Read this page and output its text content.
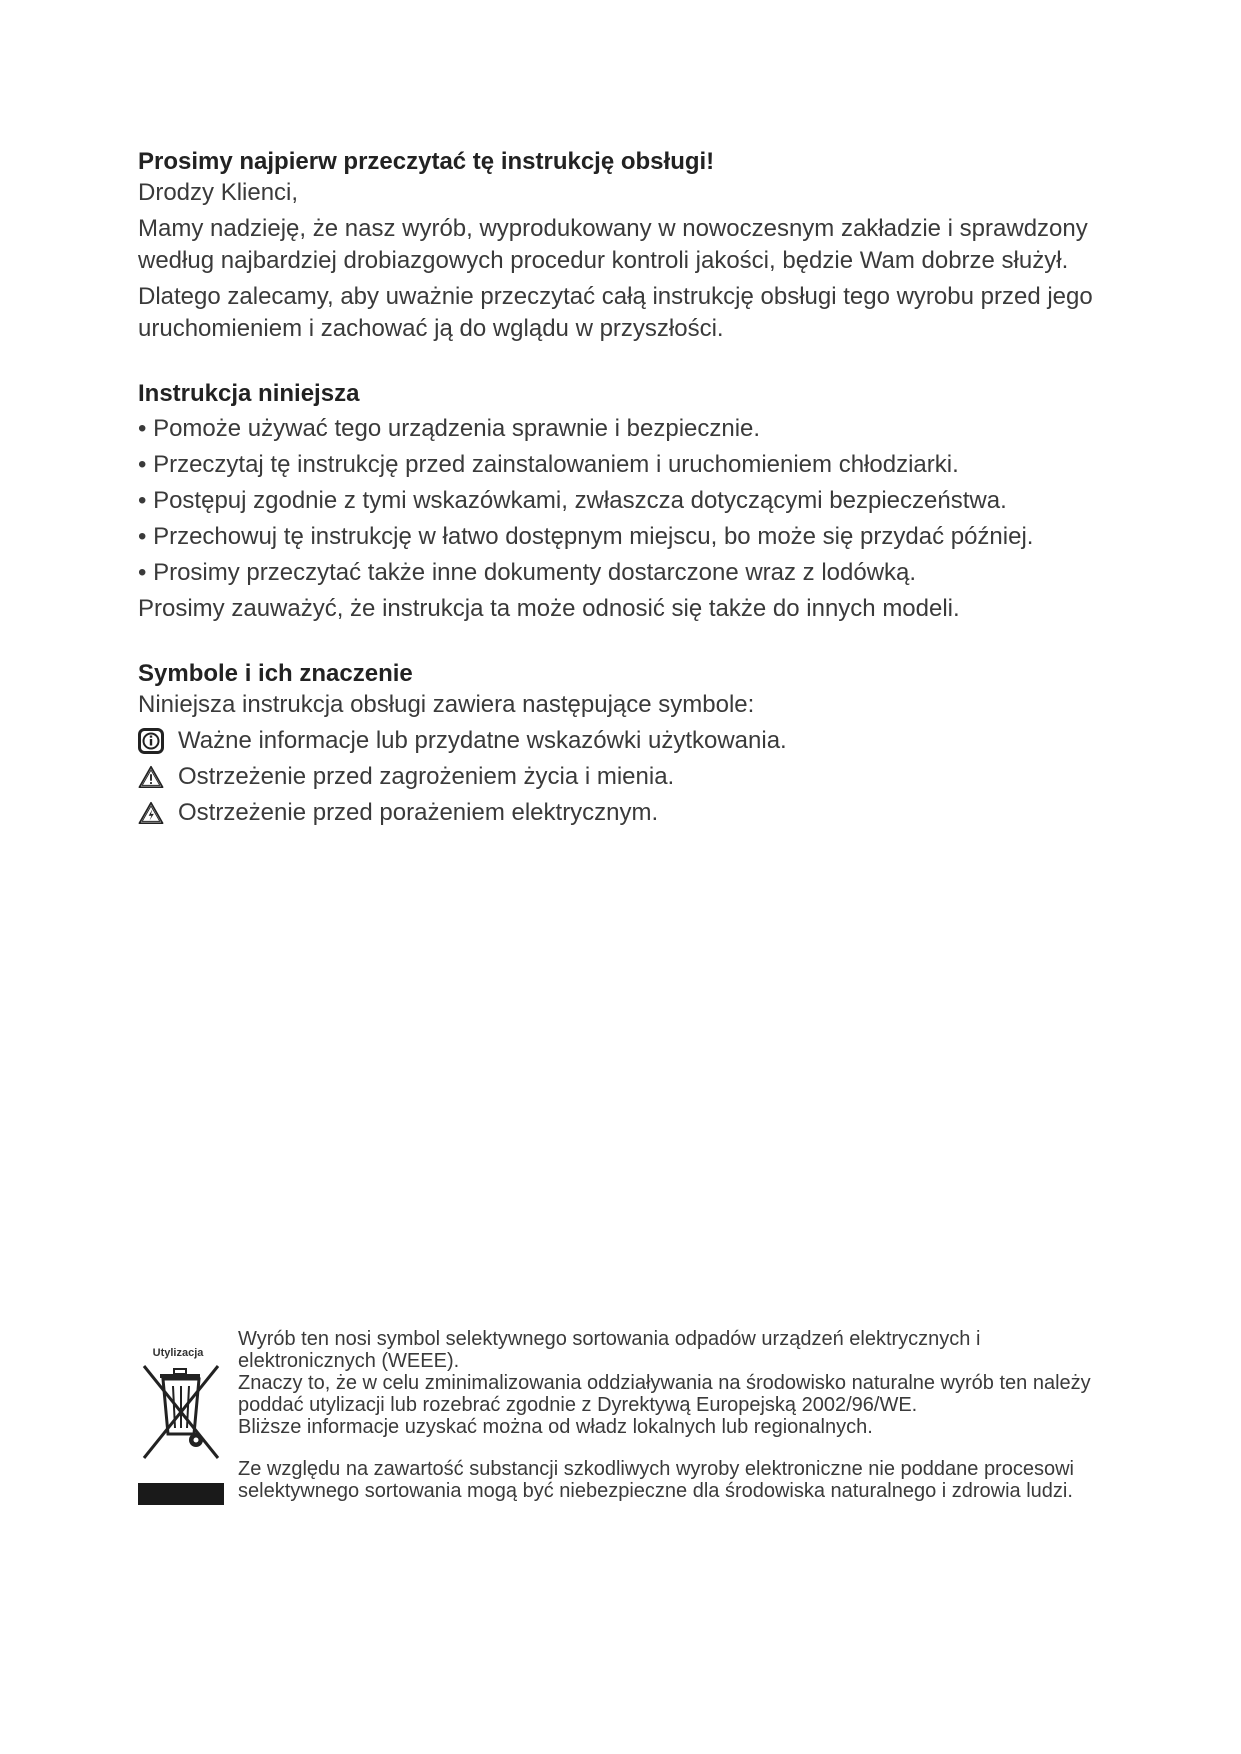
Prosimy najpierw przeczytać tę instrukcję obsługi!

Drodzy Klienci,

Mamy nadzieję, że nasz wyrób, wyprodukowany w nowoczesnym zakładzie i sprawdzony według najbardziej drobiazgowych procedur kontroli jakości, będzie Wam dobrze służył.

Dlatego zalecamy, aby uważnie przeczytać całą instrukcję obsługi tego wyrobu przed jego uruchomieniem i zachować ją do wglądu w przyszłości.

Instrukcja niniejsza

• Pomoże używać tego urządzenia sprawnie i bezpiecznie.

• Przeczytaj tę instrukcję przed zainstalowaniem i uruchomieniem chłodziarki.

• Postępuj zgodnie z tymi wskazówkami, zwłaszcza dotyczącymi bezpieczeństwa.

• Przechowuj tę instrukcję w łatwo dostępnym miejscu, bo może się przydać później.

• Prosimy przeczytać także inne dokumenty dostarczone wraz z lodówką.

Prosimy zauważyć, że instrukcja ta może odnosić się także do innych modeli.

Symbole i ich znaczenie

Niniejsza instrukcja obsługi zawiera następujące symbole:

Ważne informacje lub przydatne wskazówki użytkowania.
Ostrzeżenie przed zagrożeniem życia i mienia.
Ostrzeżenie przed porażeniem elektrycznym.
Utylizacja

Wyrób ten nosi symbol selektywnego sortowania odpadów urządzeń elektrycznych i elektronicznych (WEEE).

Znaczy to, że w celu zminimalizowania oddziaływania na środowisko naturalne wyrób ten należy poddać utylizacji lub rozebrać zgodnie z Dyrektywą Europejską 2002/96/WE.

Bliższe informacje uzyskać można od władz lokalnych lub regionalnych.

Ze względu na zawartość substancji szkodliwych wyroby elektroniczne nie poddane procesowi selektywnego sortowania mogą być niebezpieczne dla środowiska naturalnego i zdrowia ludzi.
